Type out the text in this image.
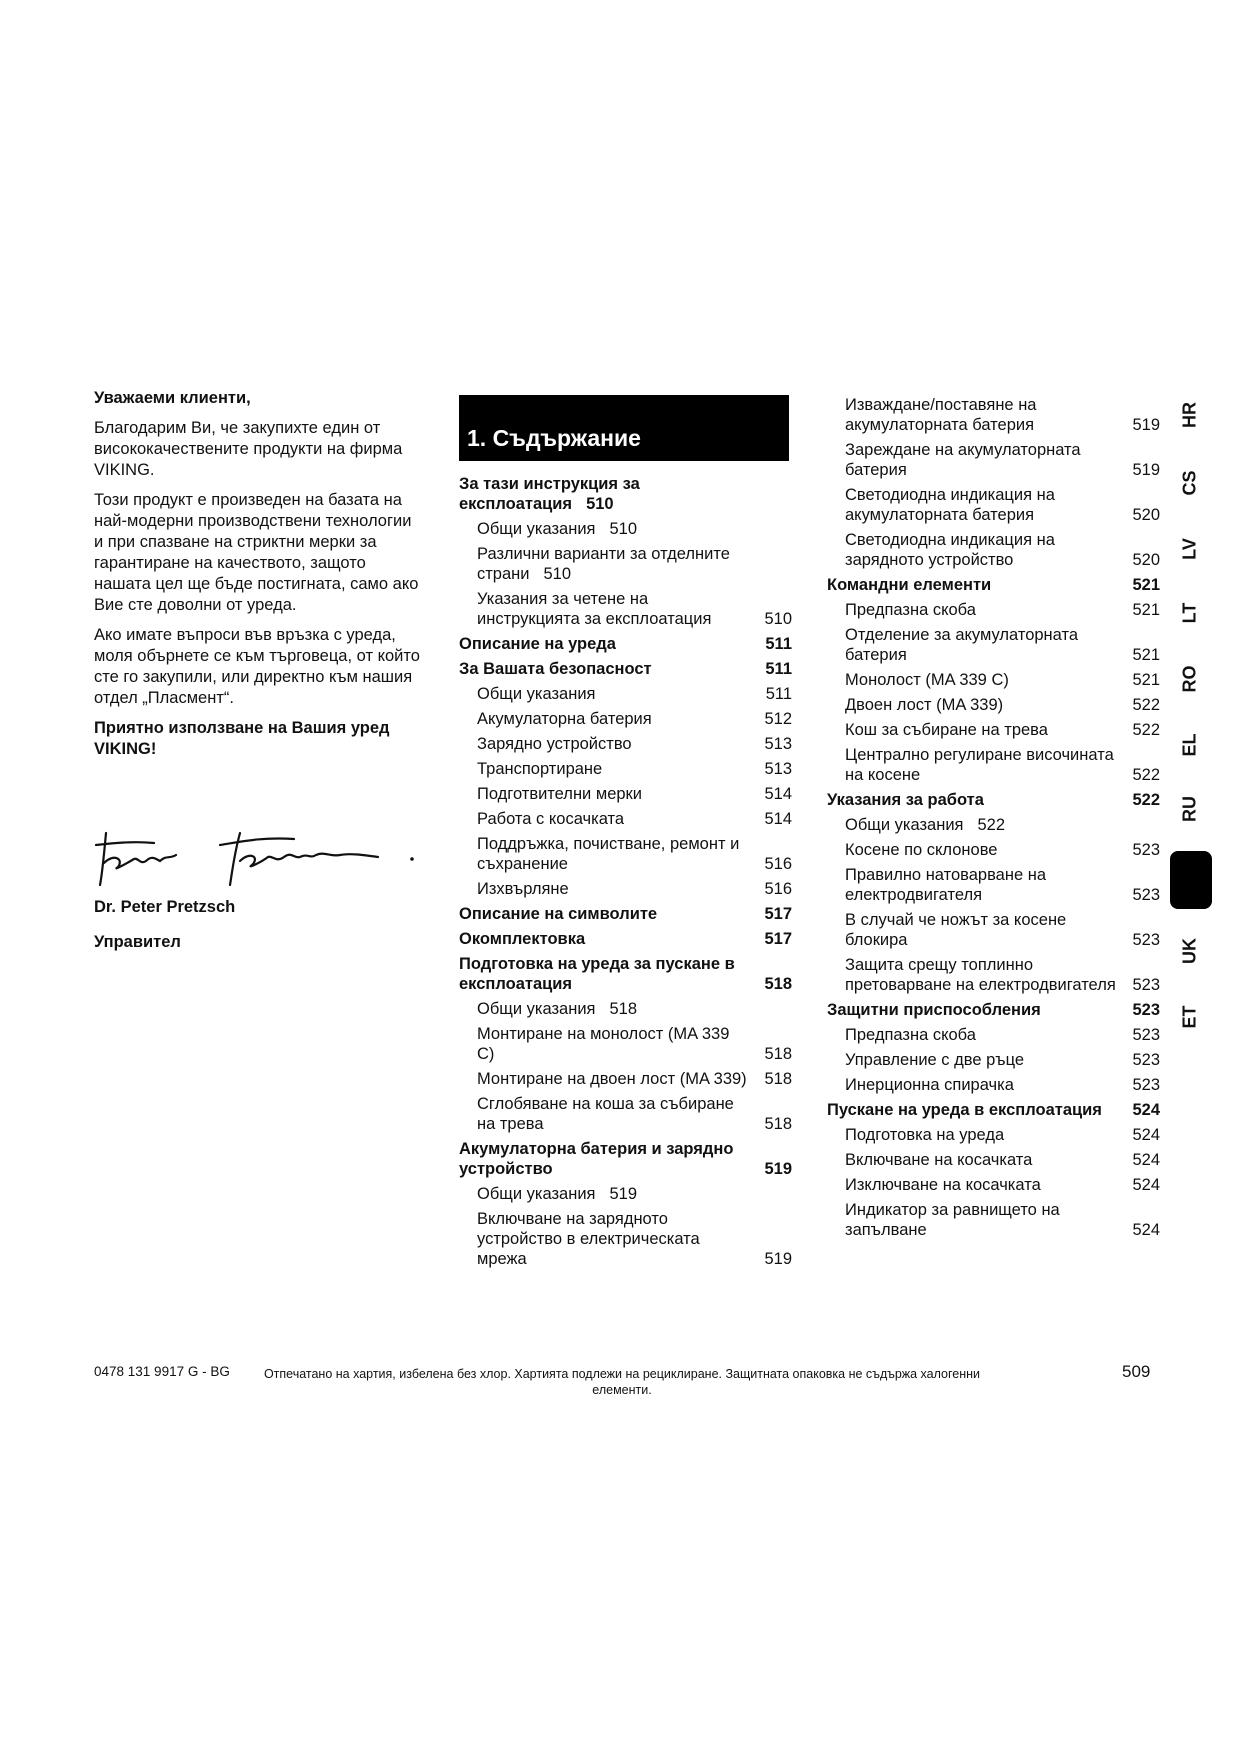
Уважаеми клиенти,

Благодарим Ви, че закупихте един от висококачествените продукти на фирма VIKING.

Този продукт е произведен на базата на най-модерни производствени технологии и при спазване на стриктни мерки за гарантиране на качеството, защото нашата цел ще бъде постигната, само ако Вие сте доволни от уреда.

Ако имате въпроси във връзка с уреда, моля обърнете се към търговеца, от който сте го закупили, или директно към нашия отдел „Пласмент“.

Приятно използване на Вашия уред VIKING!

Dr. Peter Pretzsch
Управител
1. Съдържание
За тази инструкция за експлоатация 510
Общи указания 510
Различни варианти за отделните страни 510
Указания за четене на инструкцията за експлоатация	510
Описание на уреда	511
За Вашата безопасност	511
Общи указания	511
Акумулаторна батерия	512
Зарядно устройство	513
Транспортиране	513
Подготвителни мерки	514
Работа с косачката	514
Поддръжка, почистване, ремонт и съхранение	516
Изхвърляне	516
Описание на символите	517
Окомплектовка	517
Подготовка на уреда за пускане в експлоатация	518
Общи указания 518
Монтиране на монолост (MA 339 C)	518
Монтиране на двоен лост (MA 339)	518
Сглобяване на коша за събиране на трева	518
Акумулаторна батерия и зарядно устройство	519
Общи указания 519
Включване на зарядното устройство в електрическата мрежа	519
Изваждане/поставяне на акумулаторната батерия	519
Зареждане на акумулаторната батерия	519
Светодиодна индикация на акумулаторната батерия	520
Светодиодна индикация на зарядното устройство	520
Командни елементи	521
Предпазна скоба	521
Отделение за акумулаторната батерия	521
Монолост (MA 339 C)	521
Двоен лост (MA 339)	522
Кош за събиране на трева	522
Централно регулиране височината на косене	522
Указания за работа	522
Общи указания 522
Косене по склонове	523
Правилно натоварване на електродвигателя	523
В случай че ножът за косене блокира	523
Защита срещу топлинно претоварване на електродвигателя	523
Защитни приспособления	523
Предпазна скоба	523
Управление с две ръце	523
Инерционна спирачка	523
Пускане на уреда в експлоатация	524
Подготовка на уреда	524
Включване на косачката	524
Изключване на косачката	524
Индикатор за равнището на запълване	524
HR
CS
LV
LT
RO
EL
RU
BG
UK
ET
0478 131 9917 G - BG	Отпечатано на хартия, избелена без хлор. Хартията подлежи на рециклиране. Защитната опаковка не съдържа халогенни елементи.
509
